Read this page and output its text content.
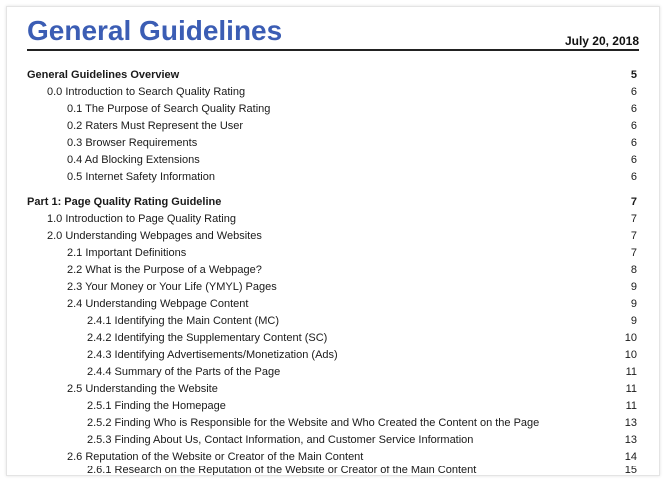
General Guidelines	July 20, 2018
General Guidelines Overview	5
0.0 Introduction to Search Quality Rating	6
0.1 The Purpose of Search Quality Rating	6
0.2 Raters Must Represent the User	6
0.3 Browser Requirements	6
0.4 Ad Blocking Extensions	6
0.5 Internet Safety Information	6
Part 1: Page Quality Rating Guideline	7
1.0 Introduction to Page Quality Rating	7
2.0 Understanding Webpages and Websites	7
2.1 Important Definitions	7
2.2 What is the Purpose of a Webpage?	8
2.3 Your Money or Your Life (YMYL) Pages	9
2.4 Understanding Webpage Content	9
2.4.1 Identifying the Main Content (MC)	9
2.4.2 Identifying the Supplementary Content (SC)	10
2.4.3 Identifying Advertisements/Monetization (Ads)	10
2.4.4 Summary of the Parts of the Page	11
2.5 Understanding the Website	11
2.5.1 Finding the Homepage	11
2.5.2 Finding Who is Responsible for the Website and Who Created the Content on the Page	13
2.5.3 Finding About Us, Contact Information, and Customer Service Information	13
2.6 Reputation of the Website or Creator of the Main Content	14
2.6.1 Research on the Reputation of the Website or Creator of the Main Content	15
